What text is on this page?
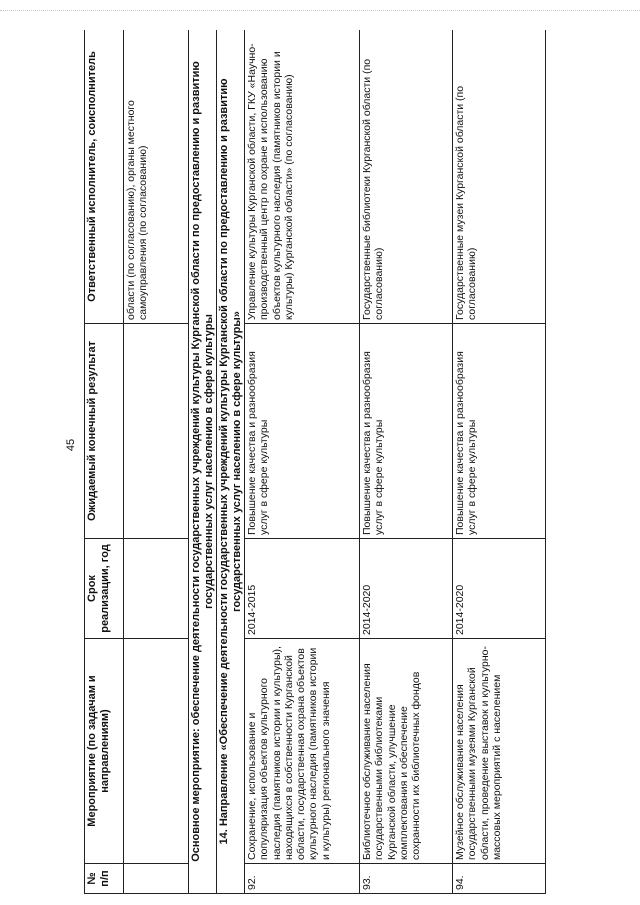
45
№ п/п	Мероприятие (по задачам и направлениям)	Срок реализации, год	Ожидаемый конечный результат	Ответственный исполнитель, соисполнитель
				области (по согласованию), органы местного самоуправления (по согласованию)
Основное мероприятие: обеспечение деятельности государственных учреждений культуры Курганской области по предоставлению и развитию государственных услуг населению в сфере культуры				
14. Направление «Обеспечение деятельности государственных учреждений культуры Курганской области по предоставлению и развитию государственных услуг населению в сфере культуры»				
92.	Сохранение, использование и популяризация объектов культурного наследия (памятников истории и культуры), находящихся в собственности Курганской области, государственная охрана объектов культурного наследия (памятников истории и культуры) регионального значения	2014-2015	Повышение качества и разнообразия услуг в сфере культуры	Управление культуры Курганской области, ГКУ «Научно-производственный центр по охране и использованию объектов культурного наследия (памятников истории и культуры) Курганской области» (по согласованию)
93.	Библиотечное обслуживание населения государственными библиотеками Курганской области, улучшение комплектования и обеспечение сохранности их библиотечных фондов	2014-2020	Повышение качества и разнообразия услуг в сфере культуры	Государственные библиотеки Курганской области (по согласованию)
94.	Музейное обслуживание населения государственными музеями Курганской области, проведение выставок и культурно-массовых мероприятий с населением	2014-2020	Повышение качества и разнообразия услуг в сфере культуры	Государственные музеи Курганской области (по согласованию)
